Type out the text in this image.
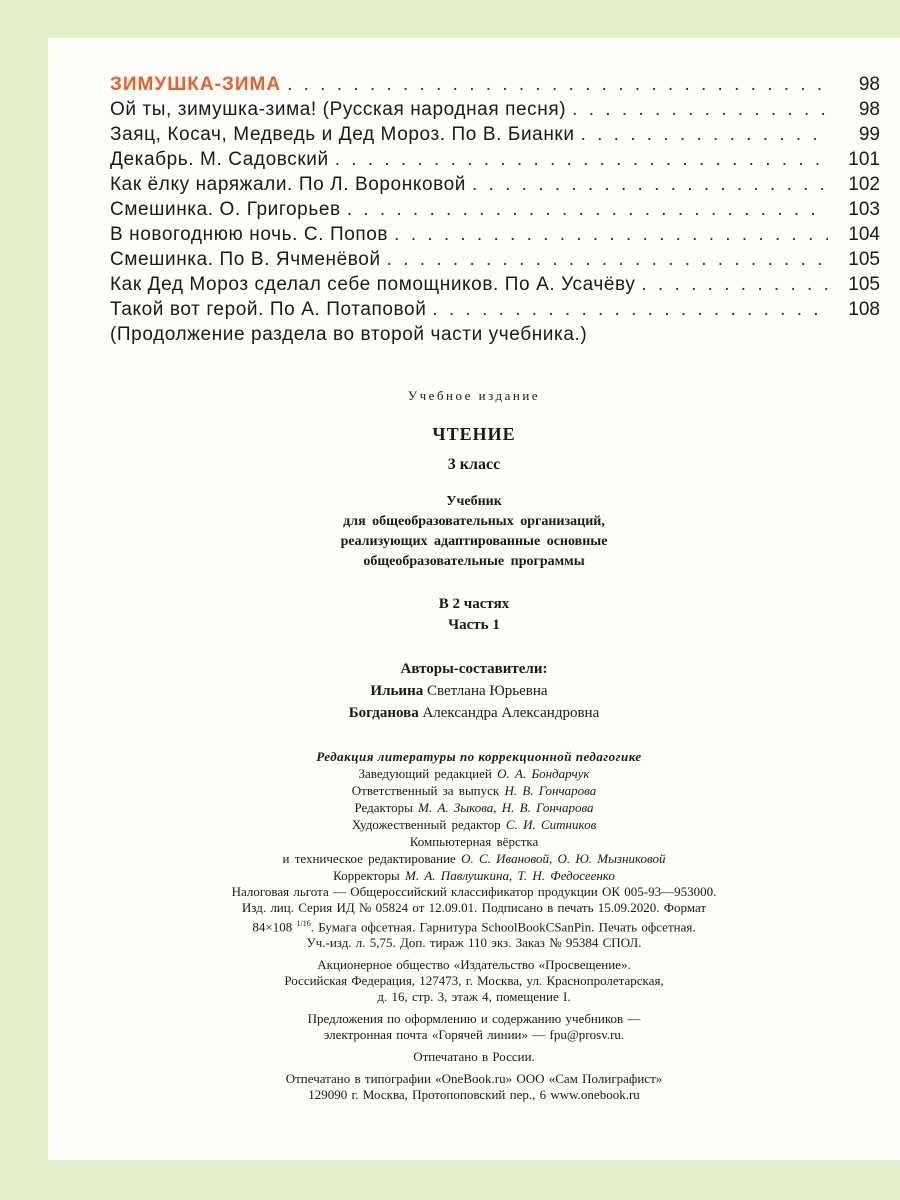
ЗИМУШКА-ЗИМА . . .	98
Ой ты, зимушка-зима! (Русская народная песня) . . .	98
Заяц, Косач, Медведь и Дед Мороз. По В. Бианки . . .	99
Декабрь. М. Садовский . . .	101
Как ёлку наряжали. По Л. Воронковой . . .	102
Смешинка. О. Григорьев . . .	103
В новогоднюю ночь. С. Попов . . .	104
Смешинка. По В. Ячменёвой . . .	105
Как Дед Мороз сделал себе помощников. По А. Усачёву . . .	105
Такой вот герой. По А. Потаповой . . .	108
(Продолжение раздела во второй части учебника.)
Учебное издание
ЧТЕНИЕ
3 класс
Учебник
для общеобразовательных организаций,
реализующих адаптированные основные
общеобразовательные программы
В 2 частях
Часть 1
Авторы-составители:
Ильина Светлана Юрьевна
Богданова Александра Александровна
Редакция литературы по коррекционной педагогике
Заведующий редакцией О. А. Бондарчук
Ответственный за выпуск Н. В. Гончарова
Редакторы М. А. Зыкова, Н. В. Гончарова
Художественный редактор С. И. Ситников
Компьютерная вёрстка
и техническое редактирование О. С. Ивановой, О. Ю. Мызниковой
Корректоры М. А. Павлушкина, Т. Н. Федосеенко
Налоговая льгота — Общероссийский классификатор продукции ОК 005-93—953000.
Изд. лиц. Серия ИД № 05824 от 12.09.01. Подписано в печать 15.09.2020. Формат
84×108 $^{1/16}$. Бумага офсетная. Гарнитура SchoolBookCSanPin. Печать офсетная.
Уч.-изд. л. 5,75. Доп. тираж 110 экз. Заказ № 95384 СПОЛ.
Акционерное общество «Издательство «Просвещение».
Российская Федерация, 127473, г. Москва, ул. Краснопролетарская,
д. 16, стр. 3, этаж 4, помещение I.
Предложения по оформлению и содержанию учебников —
электронная почта «Горячей линии» — fpu@prosv.ru.
Отпечатано в России.
Отпечатано в типографии «OneBook.ru» ООО «Сам Полиграфист»
129090 г. Москва, Протопоповский пер., 6 www.onebook.ru
